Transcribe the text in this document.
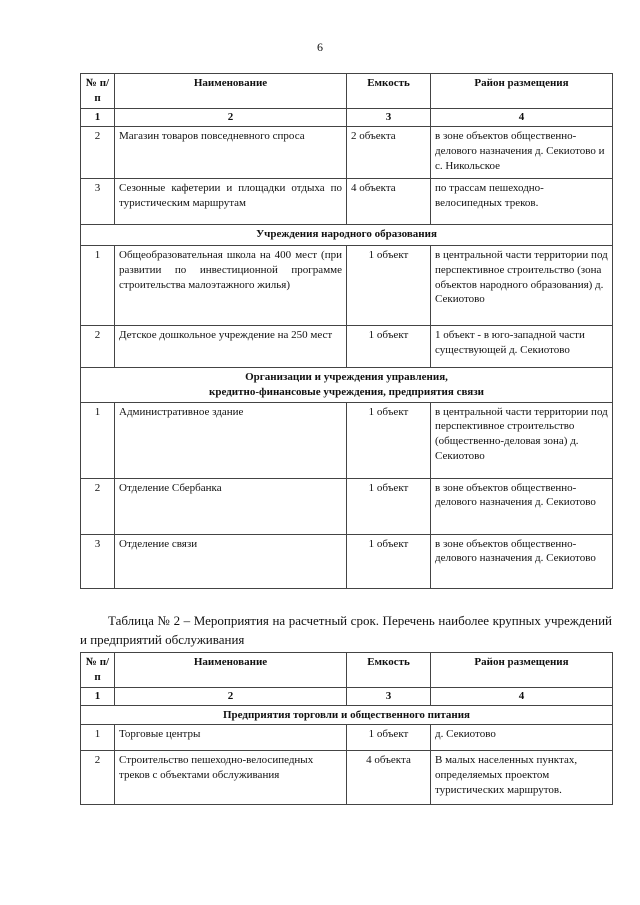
6
№ п/п	Наименование	Емкость	Район размещения
1	2	3	4
2	Магазин товаров повседневного спроса	2 объекта	в зоне объектов общественно-делового назначения д. Секиотово и с. Никольское
3	Сезонные кафетерии и площадки отдыха по туристическим маршрутам	4 объекта	по трассам пешеходно-велосипедных треков.
Учреждения народного образования			
1	Общеобразовательная школа на 400 мест (при развитии по инвестиционной программе строительства малоэтажного жилья)	1 объект	в центральной части территории под перспективное строительство (зона объектов народного образования) д. Секиотово
2	Детское дошкольное учреждение на 250 мест	1 объект	1 объект - в юго-западной части существующей д. Секиотово

Организации и учреждения управления,
кредитно-финансовые учреждения, предприятия связи			

1	Административное здание	1 объект	в центральной части территории под перспективное строительство (общественно-деловая зона) д. Секиотово
2	Отделение Сбербанка	1 объект	в зоне объектов общественно-делового назначения д. Секиотово
3	Отделение связи	1 объект	в зоне объектов общественно-делового назначения д. Секиотово
Таблица № 2 – Мероприятия на расчетный срок. Перечень наиболее крупных учреждений и предприятий обслуживания
№ п/п	Наименование	Емкость	Район размещения
1	2	3	4
Предприятия торговли и общественного питания			
1	Торговые центры	1 объект	д. Секиотово
2	Строительство пешеходно-велосипедных треков с объектами обслуживания	4 объекта	В малых населенных пунктах, определяемых проектом туристических маршрутов.
